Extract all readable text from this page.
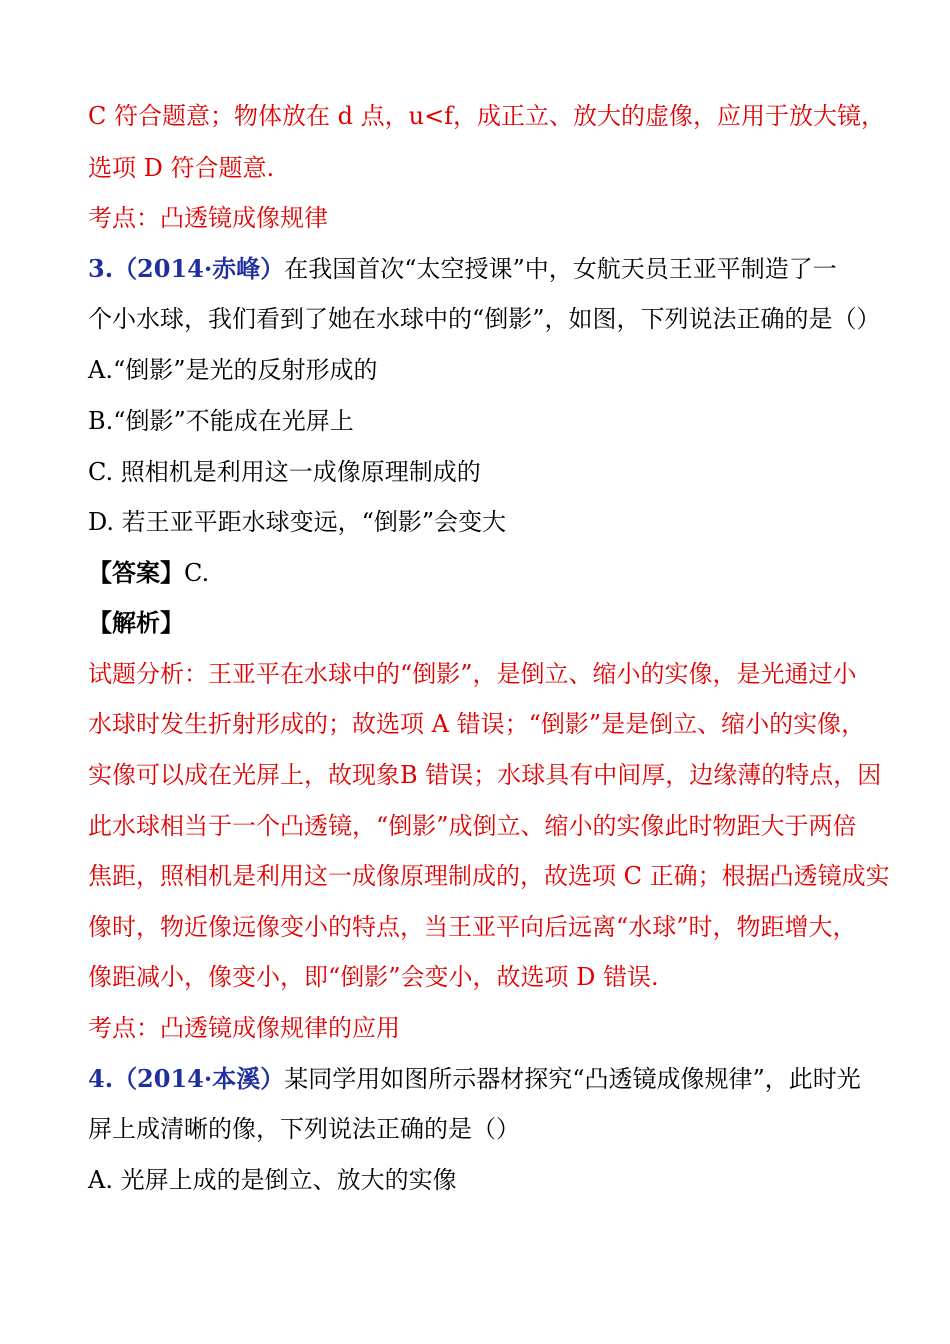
C 符合题意；物体放在 d 点，u<f，成正立、放大的虚像，应用于放大镜，
选项 D 符合题意.
考点：凸透镜成像规律
3.（2014·赤峰）在我国首次“太空授课”中，女航天员王亚平制造了一
个小水球，我们看到了她在水球中的“倒影”，如图，下列说法正确的是（）
A.“倒影”是光的反射形成的
B.“倒影”不能成在光屏上
C. 照相机是利用这一成像原理制成的
D. 若王亚平距水球变远，“倒影”会变大
【答案】C.
【解析】
试题分析：王亚平在水球中的“倒影”，是倒立、缩小的实像，是光通过小
水球时发生折射形成的；故选项 A 错误；“倒影”是是倒立、缩小的实像，
实像可以成在光屏上，故现象B 错误；水球具有中间厚，边缘薄的特点，因
此水球相当于一个凸透镜，“倒影”成倒立、缩小的实像此时物距大于两倍
焦距，照相机是利用这一成像原理制成的，故选项 C 正确；根据凸透镜成实
像时，物近像远像变小的特点，当王亚平向后远离“水球”时，物距增大，
像距减小，像变小，即“倒影”会变小，故选项 D 错误.
考点：凸透镜成像规律的应用
4.（2014·本溪）某同学用如图所示器材探究“凸透镜成像规律”，此时光
屏上成清晰的像，下列说法正确的是（）
A. 光屏上成的是倒立、放大的实像
